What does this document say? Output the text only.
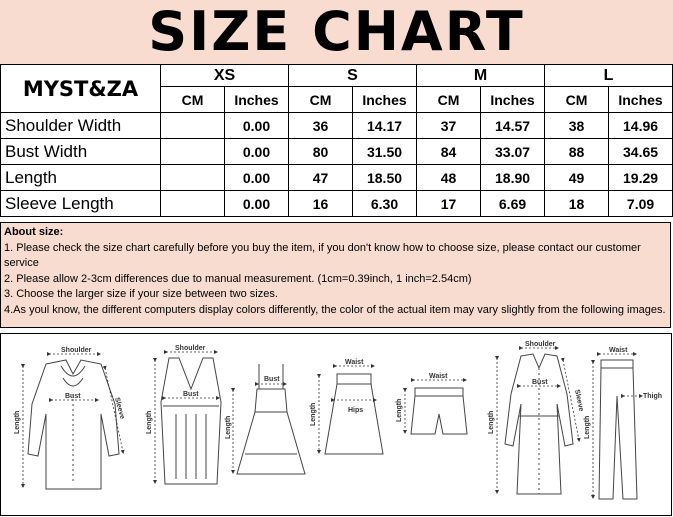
SIZE CHART
MYST&ZA	XS		S		M		L	
	CM	Inches	CM	Inches	CM	Inches	CM	Inches
Shoulder Width		0.00	36	14.17	37	14.57	38	14.96
Bust Width		0.00	80	31.50	84	33.07	88	34.65
Length		0.00	47	18.50	48	18.90	49	19.29
Sleeve Length		0.00	16	6.30	17	6.69	18	7.09

About size:

1. Please check the size chart carefully before you buy the item, if you don't know how to choose size, please contact our customer service

2. Please allow 2-3cm differences due to manual measurement. (1cm=0.39inch, 1 inch=2.54cm)

3. Choose the larger size if your size between two sizes.

4.As youl know, the different computers display colors differently, the color of the actual item may vary slightly from the following images.

Shoulder
Bust
Length
Sleeve
Shoulder
Bust
Length
Bust
Length
Waist
Hips
Length
Waist
Length
Shoulder
Bust
Length
Sleeve
Waist
Thigh
Length
